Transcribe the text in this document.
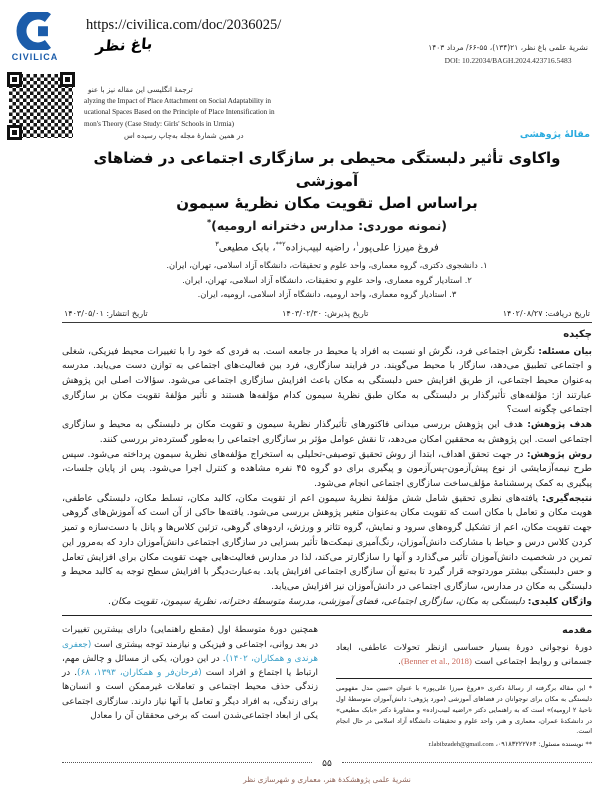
CIVILICA
https://civilica.com/doc/2036025/
باغ نظر	نشریۀ علمی باغ نظر، ۲۱(۱۳۴)، ۵۵-۶۶/ مرداد ۱۴۰۳
DOI: 10.22034/BAGH.2024.423716.5483
ترجمۀ انگلیسی این مقاله نیز با عنو
alyzing the Impact of Place Attachment on Social Adaptability in
ucational Spaces Based on the Principle of Place Intensification in
mon's Theory (Case Study: Girls' Schools in Urmia)
در همین شمارۀ مجله به‌چاپ رسیده اس	مقالۀ پژوهشی
واکاوی تأثیر دلبستگی محیطی بر سازگاری اجتماعی در فضاهای آموزشی
براساس اصل تقویت مکان نظریۀ سیمون
(نمونه موردی: مدارس دخترانه ارومیه)*
فروغ میرزا علی‌پور$^۱$، راضیه لبیب‌زاده$^{۲**}$، بابک مطیعی$^۳$
۱. دانشجوی دکتری، گروه معماری، واحد علوم و تحقیقات، دانشگاه آزاد اسلامی، تهران، ایران.
۲. استادیار گروه معماری، واحد علوم و تحقیقات، دانشگاه آزاد اسلامی، تهران، ایران.
۳. استادیار گروه معماری، واحد ارومیه، دانشگاه آزاد اسلامی، ارومیه، ایران.
تاریخ دریافت: ۱۴۰۲/۰۸/۲۷
تاریخ پذیرش: ۱۴۰۳/۰۲/۳۰
تاریخ انتشار: ۱۴۰۳/۰۵/۰۱
چکیده

بیان مسئله: نگرش اجتماعی فرد، نگرش او نسبت به افراد یا محیط در جامعه است. به فردی که خود را با تغییرات محیط فیزیکی، شغلی و اجتماعی تطبیق می‌دهد، سازگار با محیط می‌گویند. در فرایند سازگاری، فرد بین فعالیت‌های اجتماعی به توازن دست می‌یابد. مدرسه به‌عنوان محیط اجتماعی، از طریق افزایش حس دلبستگی به مکان باعث افزایش سازگاری اجتماعی می‌شود. سؤالات اصلی این پژوهش عبارتند از: مؤلفه‌های تأثیرگذار بر دلبستگی به مکان طبق نظریۀ سیمون کدام مؤلفه‌ها هستند و تأثیر مؤلفۀ تقویت مکان بر سازگاری اجتماعی چگونه است؟

هدف پژوهش: هدف این پژوهش بررسی میدانی فاکتورهای تأثیرگذار نظریۀ سیمون و تقویت مکان بر دلبستگی به محیط و سازگاری اجتماعی است. این پژوهش به محققین امکان می‌دهد، تا نقش عوامل مؤثر بر سازگاری اجتماعی را به‌طور گسترده‌تر بررسی کنند.

روش پژوهش: در جهت تحقق اهداف، ابتدا از روش تحقیق توصیفی-تحلیلی به استخراج مؤلفه‌های نظریۀ سیمون پرداخته می‌شود. سپس طرح نیمه‌آزمایشی از نوع پیش‌آزمون-پس‌آزمون و پیگیری برای دو گروه ۴۵ نفره مشاهده و کنترل اجرا می‌شود. پس از پایان جلسات، پیگیری به کمک پرسشنامۀ مؤلف‌ساخت سازگاری اجتماعی انجام می‌شود.

نتیجه‌گیری: یافته‌های نظری تحقیق شامل شش مؤلفۀ نظریۀ سیمون اعم از تقویت مکان، کالبد مکان، تسلط مکان، دلبستگی عاطفی، هویت مکان و تعامل با مکان است که تقویت مکان به‌عنوان متغیر پژوهش بررسی می‌شود. یافته‌ها حاکی از آن است که آموزش‌های گروهی جهت تقویت مکان، اعم از تشکیل گروه‌های سرود و نمایش، گروه تئاتر و ورزش، اردوهای گروهی، تزئین کلاس‌ها و پانل با دست‌سازه و تمیز کردن کلاس درس و حیاط با مشارکت دانش‌آموزان، رنگ‌آمیزی نیمکت‌ها تأثیر بسزایی در سازگاری اجتماعی دانش‌آموزان دارد که به‌مرور این تمرین در شخصیت دانش‌آموزان تأثیر می‌گذارد و آنها را سازگارتر می‌کند، لذا در مدارس فعالیت‌هایی جهت تقویت مکان برای افزایش تعامل و حس دلبستگی بیشتر موردتوجه قرار گیرد تا به‌تبع آن سازگاری اجتماعی افزایش یابد. به‌عبارت‌دیگر با افزایش سطح توجه به کالبد محیط و دلبستگی به مکان در مدارس، سازگاری اجتماعی در دانش‌آموزان نیز افزایش می‌یابد.

واژگان کلیدی: دلبستگی به مکان، سازگاری اجتماعی، فضای آموزشی، مدرسۀ متوسطۀ دخترانه، نظریۀ سیمون، تقویت مکان.

مقدمه

دورۀ نوجوانی دورۀ بسیار حساسی ازنظر تحولات عاطفی، ابعاد جسمانی و روابط اجتماعی است (Benner et al., 2018).

* این مقاله برگرفته از رسالۀ دکتری «فروغ میرزا علی‌پور» با عنوان «تبیین مدل مفهومی دلبستگی به مکان برای نوجوانان در فضاهای آموزشی (مورد پژوهی: دانش‌آموزان متوسطۀ اول ناحیۀ ۲ ارومیه)» است که به راهنمایی دکتر «راضیه لبیب‌زاده» و مشاورۀ دکتر «بابک مطیعی» در دانشکدۀ عمران، معماری و هنر، واحد علوم و تحقیقات دانشگاه آزاد اسلامی در حال انجام است.

** نویسنده مسئول: ۰۹۱۸۳۲۲۲۷۶۳، r.labibzadeh@gmail.com

همچنین دورۀ متوسطۀ اول (مقطع راهنمایی) دارای بیشترین تغییرات در بعد روانی، اجتماعی و فیزیکی و نیازمند توجه بیشتری است (جعفری هرندی و همکاران، ۱۴۰۲). در این دوران، یکی از مسائل و چالش مهم، ارتباط یا اجتماع و افراد است (فرحان‌فر و همکاران، ۱۳۹۳، ۶۸). در زندگی حذف محیط اجتماعی و تعاملات غیرممکن است و انسان‌ها برای زندگی، به افراد دیگر و تعامل با آنها نیاز دارند. سازگاری اجتماعی یکی از ابعاد اجتماعی‌شدن است که برخی محققان آن را معادل

۵۵
نشریۀ علمی پژوهشکدۀ هنر، معماری و شهرسازی نظر
